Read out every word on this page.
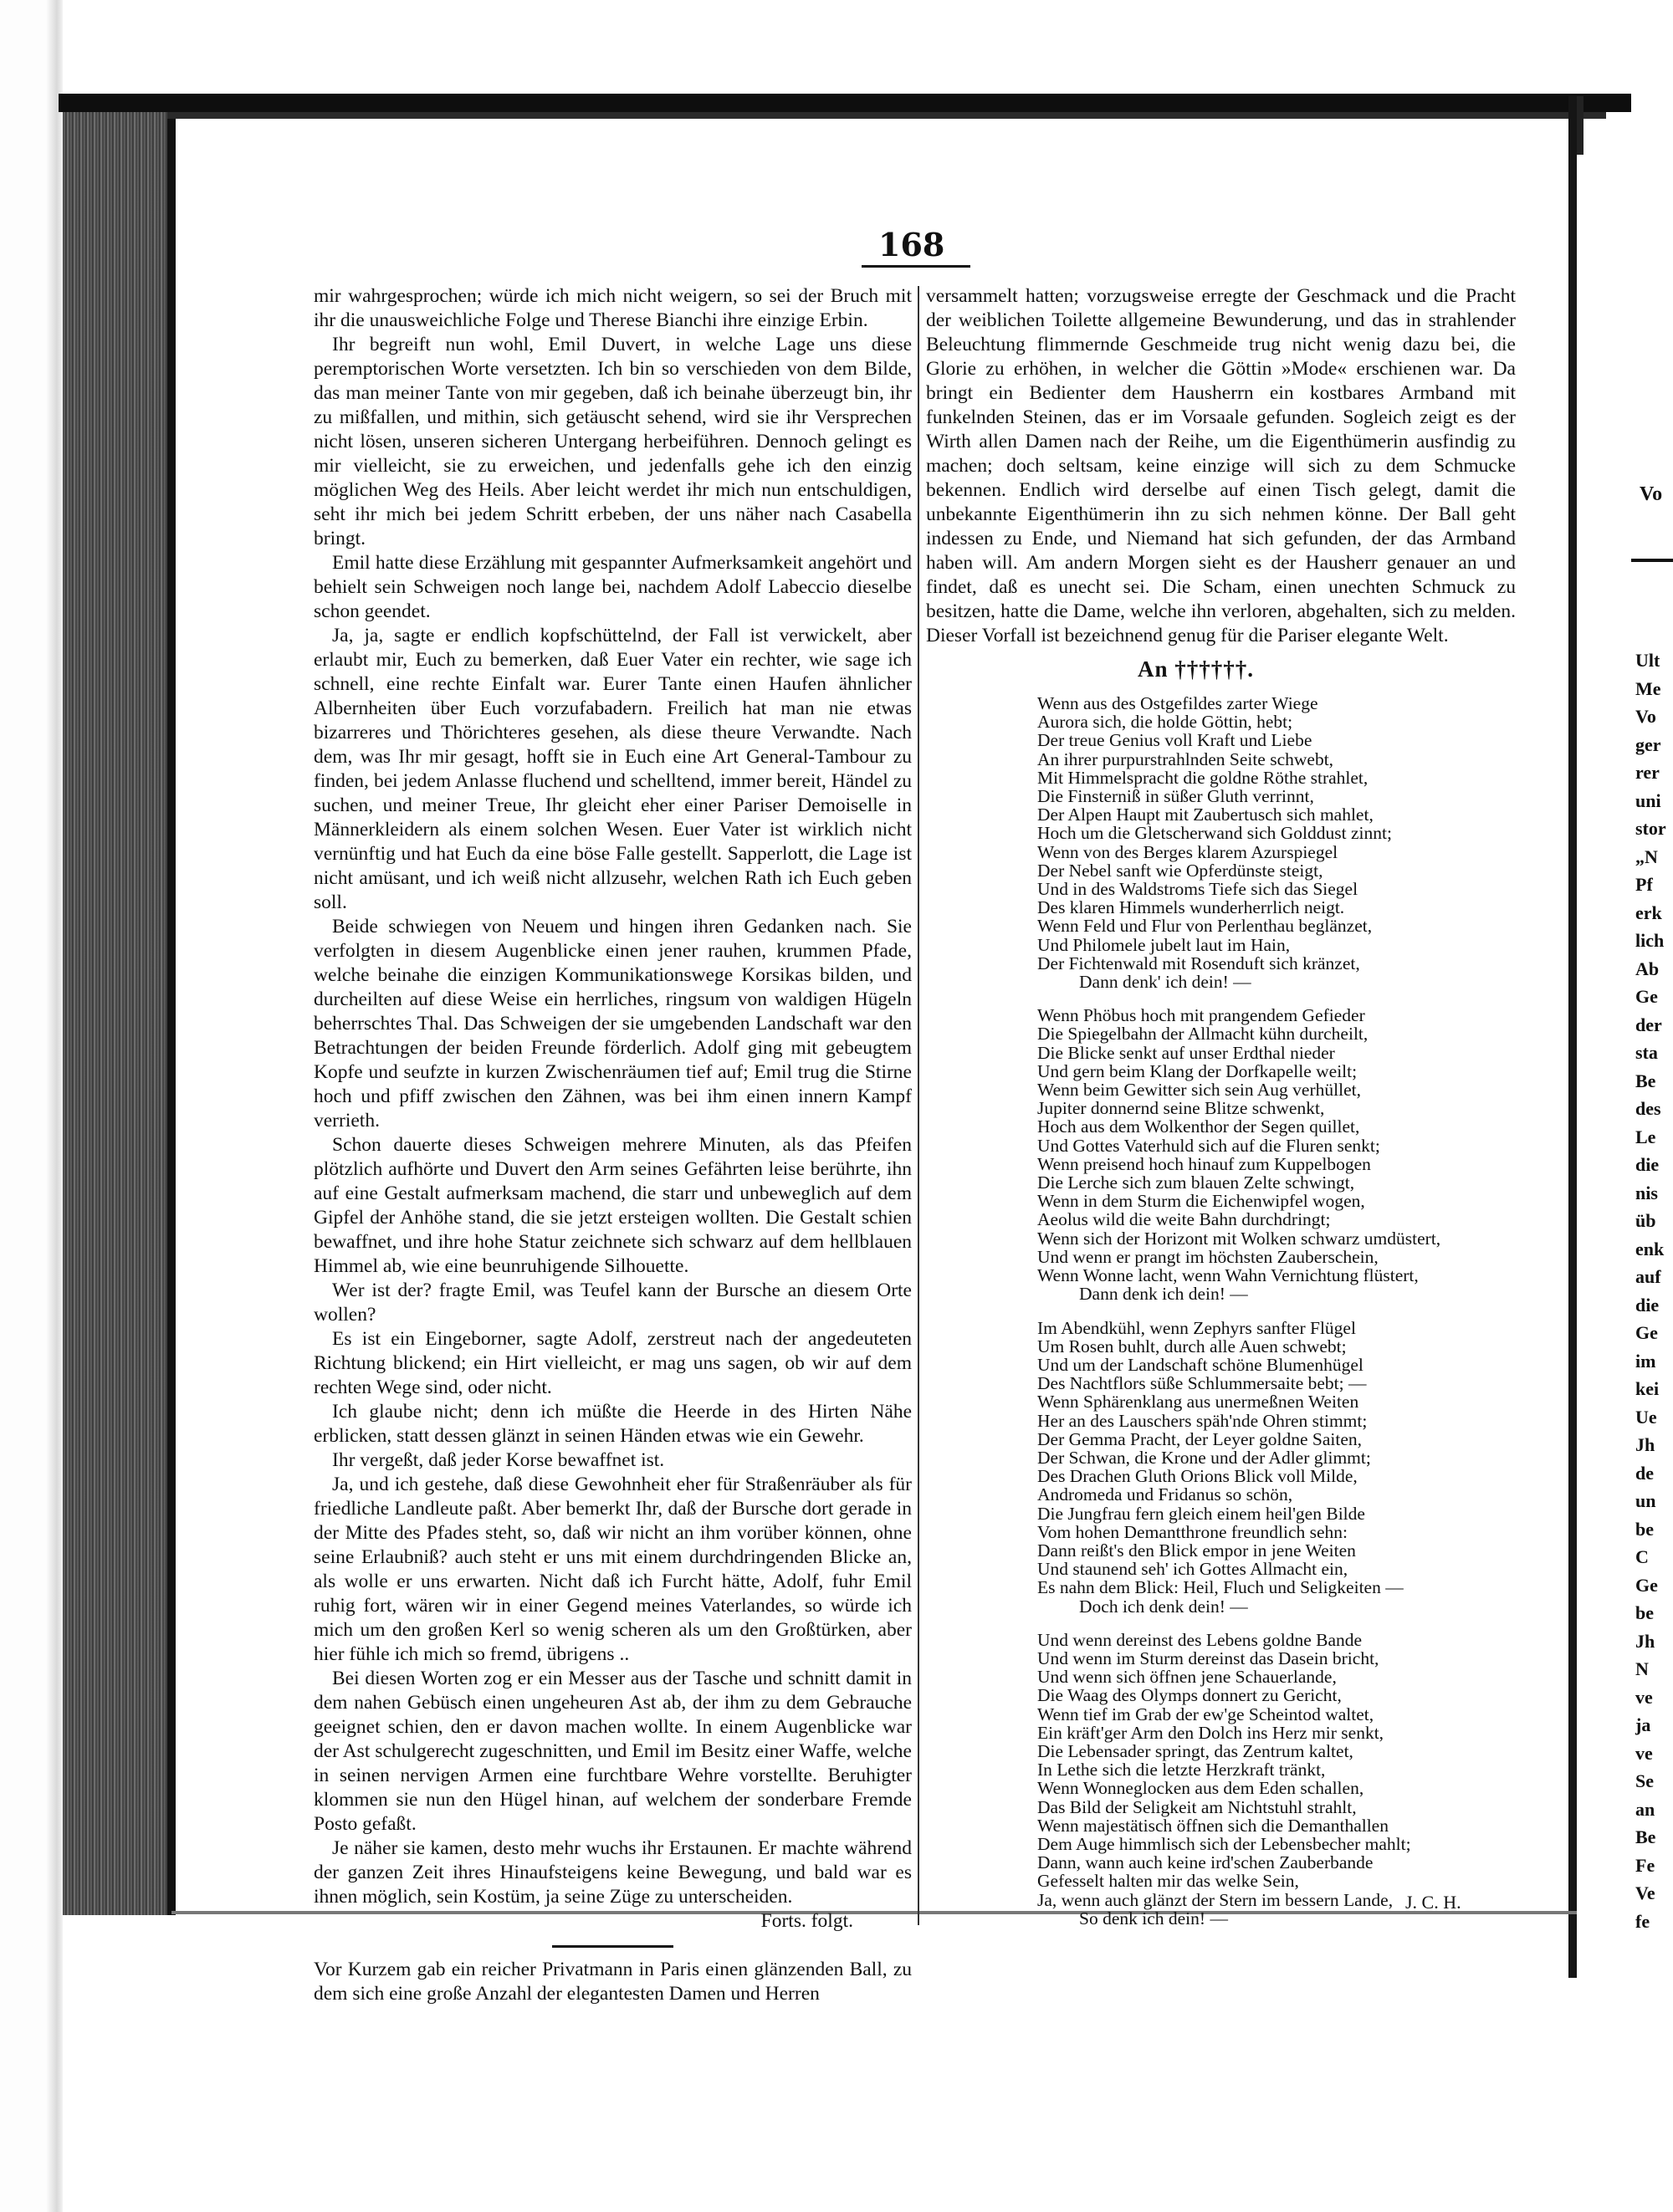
168

mir wahrgesprochen; würde ich mich nicht weigern, so sei der Bruch mit ihr die unausweichliche Folge und Therese Bianchi ihre einzige Erbin.

Ihr begreift nun wohl, Emil Duvert, in welche Lage uns diese peremptorischen Worte versetzten. Ich bin so verschieden von dem Bilde, das man meiner Tante von mir gegeben, daß ich beinahe überzeugt bin, ihr zu mißfallen, und mithin, sich getäuscht sehend, wird sie ihr Versprechen nicht lösen, unseren sicheren Untergang herbeiführen. Dennoch gelingt es mir vielleicht, sie zu erweichen, und jedenfalls gehe ich den einzig möglichen Weg des Heils. Aber leicht werdet ihr mich nun entschuldigen, seht ihr mich bei jedem Schritt erbeben, der uns näher nach Casabella bringt.

Emil hatte diese Erzählung mit gespannter Aufmerksamkeit angehört und behielt sein Schweigen noch lange bei, nachdem Adolf Labeccio dieselbe schon geendet.

Ja, ja, sagte er endlich kopfschüttelnd, der Fall ist verwickelt, aber erlaubt mir, Euch zu bemerken, daß Euer Vater ein rechter, wie sage ich schnell, eine rechte Einfalt war. Eurer Tante einen Haufen ähnlicher Albernheiten über Euch vorzufabadern. Freilich hat man nie etwas bizarreres und Thörichteres gesehen, als diese theure Verwandte. Nach dem, was Ihr mir gesagt, hofft sie in Euch eine Art General-Tambour zu finden, bei jedem Anlasse fluchend und schelltend, immer bereit, Händel zu suchen, und meiner Treue, Ihr gleicht eher einer Pariser Demoiselle in Männerkleidern als einem solchen Wesen. Euer Vater ist wirklich nicht vernünftig und hat Euch da eine böse Falle gestellt. Sapperlott, die Lage ist nicht amüsant, und ich weiß nicht allzusehr, welchen Rath ich Euch geben soll.

Beide schwiegen von Neuem und hingen ihren Gedanken nach. Sie verfolgten in diesem Augenblicke einen jener rauhen, krummen Pfade, welche beinahe die einzigen Kommunikationswege Korsikas bilden, und durcheilten auf diese Weise ein herrliches, ringsum von waldigen Hügeln beherrschtes Thal. Das Schweigen der sie umgebenden Landschaft war den Betrachtungen der beiden Freunde förderlich. Adolf ging mit gebeugtem Kopfe und seufzte in kurzen Zwischenräumen tief auf; Emil trug die Stirne hoch und pfiff zwischen den Zähnen, was bei ihm einen innern Kampf verrieth.

Schon dauerte dieses Schweigen mehrere Minuten, als das Pfeifen plötzlich aufhörte und Duvert den Arm seines Gefährten leise berührte, ihn auf eine Gestalt aufmerksam machend, die starr und unbeweglich auf dem Gipfel der Anhöhe stand, die sie jetzt ersteigen wollten. Die Gestalt schien bewaffnet, und ihre hohe Statur zeichnete sich schwarz auf dem hellblauen Himmel ab, wie eine beunruhigende Silhouette.

Wer ist der? fragte Emil, was Teufel kann der Bursche an diesem Orte wollen?

Es ist ein Eingeborner, sagte Adolf, zerstreut nach der angedeuteten Richtung blickend; ein Hirt vielleicht, er mag uns sagen, ob wir auf dem rechten Wege sind, oder nicht.

Ich glaube nicht; denn ich müßte die Heerde in des Hirten Nähe erblicken, statt dessen glänzt in seinen Händen etwas wie ein Gewehr.

Ihr vergeßt, daß jeder Korse bewaffnet ist.

Ja, und ich gestehe, daß diese Gewohnheit eher für Straßenräuber als für friedliche Landleute paßt. Aber bemerkt Ihr, daß der Bursche dort gerade in der Mitte des Pfades steht, so, daß wir nicht an ihm vorüber können, ohne seine Erlaubniß? auch steht er uns mit einem durchdringenden Blicke an, als wolle er uns erwarten. Nicht daß ich Furcht hätte, Adolf, fuhr Emil ruhig fort, wären wir in einer Gegend meines Vaterlandes, so würde ich mich um den großen Kerl so wenig scheren als um den Großtürken, aber hier fühle ich mich so fremd, übrigens ..

Bei diesen Worten zog er ein Messer aus der Tasche und schnitt damit in dem nahen Gebüsch einen ungeheuren Ast ab, der ihm zu dem Gebrauche geeignet schien, den er davon machen wollte. In einem Augenblicke war der Ast schulgerecht zugeschnitten, und Emil im Besitz einer Waffe, welche in seinen nervigen Armen eine furchtbare Wehre vorstellte. Beruhigter klommen sie nun den Hügel hinan, auf welchem der sonderbare Fremde Posto gefaßt.

Je näher sie kamen, desto mehr wuchs ihr Erstaunen. Er machte während der ganzen Zeit ihres Hinaufsteigens keine Bewegung, und bald war es ihnen möglich, sein Kostüm, ja seine Züge zu unterscheiden.

Forts. folgt.

Vor Kurzem gab ein reicher Privatmann in Paris einen glänzenden Ball, zu dem sich eine große Anzahl der elegantesten Damen und Herren

versammelt hatten; vorzugsweise erregte der Geschmack und die Pracht der weiblichen Toilette allgemeine Bewunderung, und das in strahlender Beleuchtung flimmernde Geschmeide trug nicht wenig dazu bei, die Glorie zu erhöhen, in welcher die Göttin »Mode« erschienen war. Da bringt ein Bedienter dem Hausherrn ein kostbares Armband mit funkelnden Steinen, das er im Vorsaale gefunden. Sogleich zeigt es der Wirth allen Damen nach der Reihe, um die Eigenthümerin ausfindig zu machen; doch seltsam, keine einzige will sich zu dem Schmucke bekennen. Endlich wird derselbe auf einen Tisch gelegt, damit die unbekannte Eigenthümerin ihn zu sich nehmen könne. Der Ball geht indessen zu Ende, und Niemand hat sich gefunden, der das Armband haben will. Am andern Morgen sieht es der Hausherr genauer an und findet, daß es unecht sei. Die Scham, einen unechten Schmuck zu besitzen, hatte die Dame, welche ihn verloren, abgehalten, sich zu melden. Dieser Vorfall ist bezeichnend genug für die Pariser elegante Welt.

An ††††††.
Wenn aus des Ostgefildes zarter Wiege
Aurora sich, die holde Göttin, hebt;
Der treue Genius voll Kraft und Liebe
An ihrer purpurstrahlnden Seite schwebt,
Mit Himmelspracht die goldne Röthe strahlet,
Die Finsterniß in süßer Gluth verrinnt,
Der Alpen Haupt mit Zaubertusch sich mahlet,
Hoch um die Gletscherwand sich Golddust zinnt;
Wenn von des Berges klarem Azurspiegel
Der Nebel sanft wie Opferdünste steigt,
Und in des Waldstroms Tiefe sich das Siegel
Des klaren Himmels wunderherrlich neigt.
Wenn Feld und Flur von Perlenthau beglänzet,
Und Philomele jubelt laut im Hain,
Der Fichtenwald mit Rosenduft sich kränzet,
Dann denk' ich dein! —
Wenn Phöbus hoch mit prangendem Gefieder
Die Spiegelbahn der Allmacht kühn durcheilt,
Die Blicke senkt auf unser Erdthal nieder
Und gern beim Klang der Dorfkapelle weilt;
Wenn beim Gewitter sich sein Aug verhüllet,
Jupiter donnernd seine Blitze schwenkt,
Hoch aus dem Wolkenthor der Segen quillet,
Und Gottes Vaterhuld sich auf die Fluren senkt;
Wenn preisend hoch hinauf zum Kuppelbogen
Die Lerche sich zum blauen Zelte schwingt,
Wenn in dem Sturm die Eichenwipfel wogen,
Aeolus wild die weite Bahn durchdringt;
Wenn sich der Horizont mit Wolken schwarz umdüstert,
Und wenn er prangt im höchsten Zauberschein,
Wenn Wonne lacht, wenn Wahn Vernichtung flüstert,
Dann denk ich dein! —
Im Abendkühl, wenn Zephyrs sanfter Flügel
Um Rosen buhlt, durch alle Auen schwebt;
Und um der Landschaft schöne Blumenhügel
Des Nachtflors süße Schlummersaite bebt; —
Wenn Sphärenklang aus unermeßnen Weiten
Her an des Lauschers späh'nde Ohren stimmt;
Der Gemma Pracht, der Leyer goldne Saiten,
Der Schwan, die Krone und der Adler glimmt;
Des Drachen Gluth Orions Blick voll Milde,
Andromeda und Fridanus so schön,
Die Jungfrau fern gleich einem heil'gen Bilde
Vom hohen Demantthrone freundlich sehn:
Dann reißt's den Blick empor in jene Weiten
Und staunend seh' ich Gottes Allmacht ein,
Es nahn dem Blick: Heil, Fluch und Seligkeiten —
Doch ich denk dein! —
Und wenn dereinst des Lebens goldne Bande
Und wenn im Sturm dereinst das Dasein bricht,
Und wenn sich öffnen jene Schauerlande,
Die Waag des Olymps donnert zu Gericht,
Wenn tief im Grab der ew'ge Scheintod waltet,
Ein kräft'ger Arm den Dolch ins Herz mir senkt,
Die Lebensader springt, das Zentrum kaltet,
In Lethe sich die letzte Herzkraft tränkt,
Wenn Wonneglocken aus dem Eden schallen,
Das Bild der Seligkeit am Nichtstuhl strahlt,
Wenn majestätisch öffnen sich die Demanthallen
Dem Auge himmlisch sich der Lebensbecher mahlt;
Dann, wann auch keine ird'schen Zauberbande
Gefesselt halten mir das welke Sein,
Ja, wenn auch glänzt der Stern im bessern Lande,
So denk ich dein! —
J. C. H.
Vo
Ult
Me
Vo
ger
rer
uni
stor
„N
Pf
erk
lich
Ab
Ge
der
sta
Be
des
Le
die
nis
üb
enk
auf
die
Ge
im
kei
Ue
Jh
de
un
be
C
Ge
be
Jh
N
ve
ja
ve
Se
an
Be
Fe
Ve
fe
